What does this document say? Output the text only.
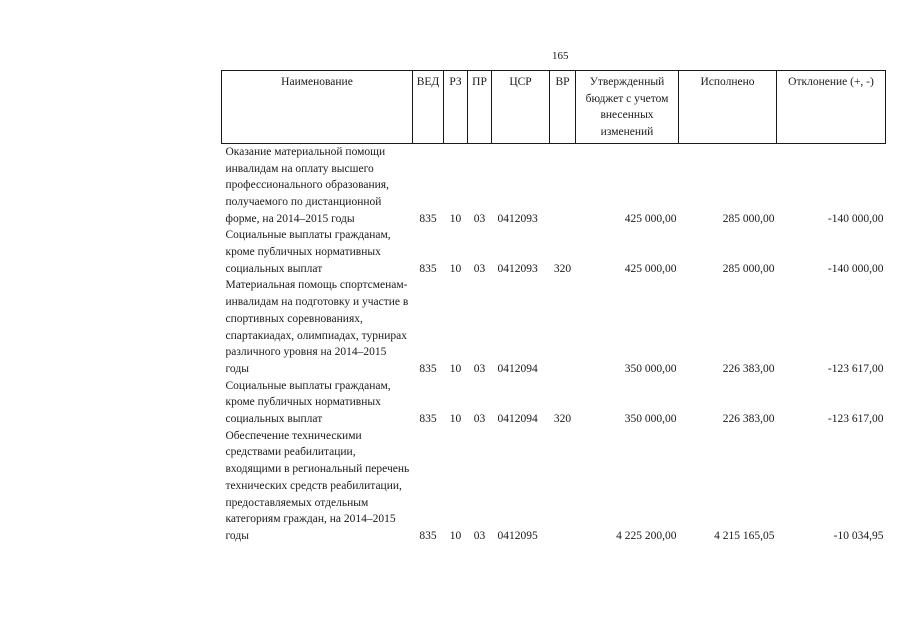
165
Наименование	ВЕД	РЗ	ПР	ЦСР	ВР	Утвержденный бюджет с учетом внесенных изменений	Исполнено	Отклонение (+, -)
Оказание материальной помощи инвалидам на оплату высшего профессионального образования, получаемого по дистанционной форме, на 2014–2015 годы	835	10	03	0412093		425 000,00	285 000,00	-140 000,00
Социальные выплаты гражданам, кроме публичных нормативных социальных выплат	835	10	03	0412093	320	425 000,00	285 000,00	-140 000,00
Материальная помощь спортсменам-инвалидам на подготовку и участие в спортивных соревнованиях, спартакиадах, олимпиадах, турнирах различного уровня на 2014–2015 годы	835	10	03	0412094		350 000,00	226 383,00	-123 617,00
Социальные выплаты гражданам, кроме публичных нормативных социальных выплат	835	10	03	0412094	320	350 000,00	226 383,00	-123 617,00
Обеспечение техническими средствами реабилитации, входящими в региональный перечень технических средств реабилитации, предоставляемых отдельным категориям граждан, на 2014–2015 годы	835	10	03	0412095		4 225 200,00	4 215 165,05	-10 034,95
